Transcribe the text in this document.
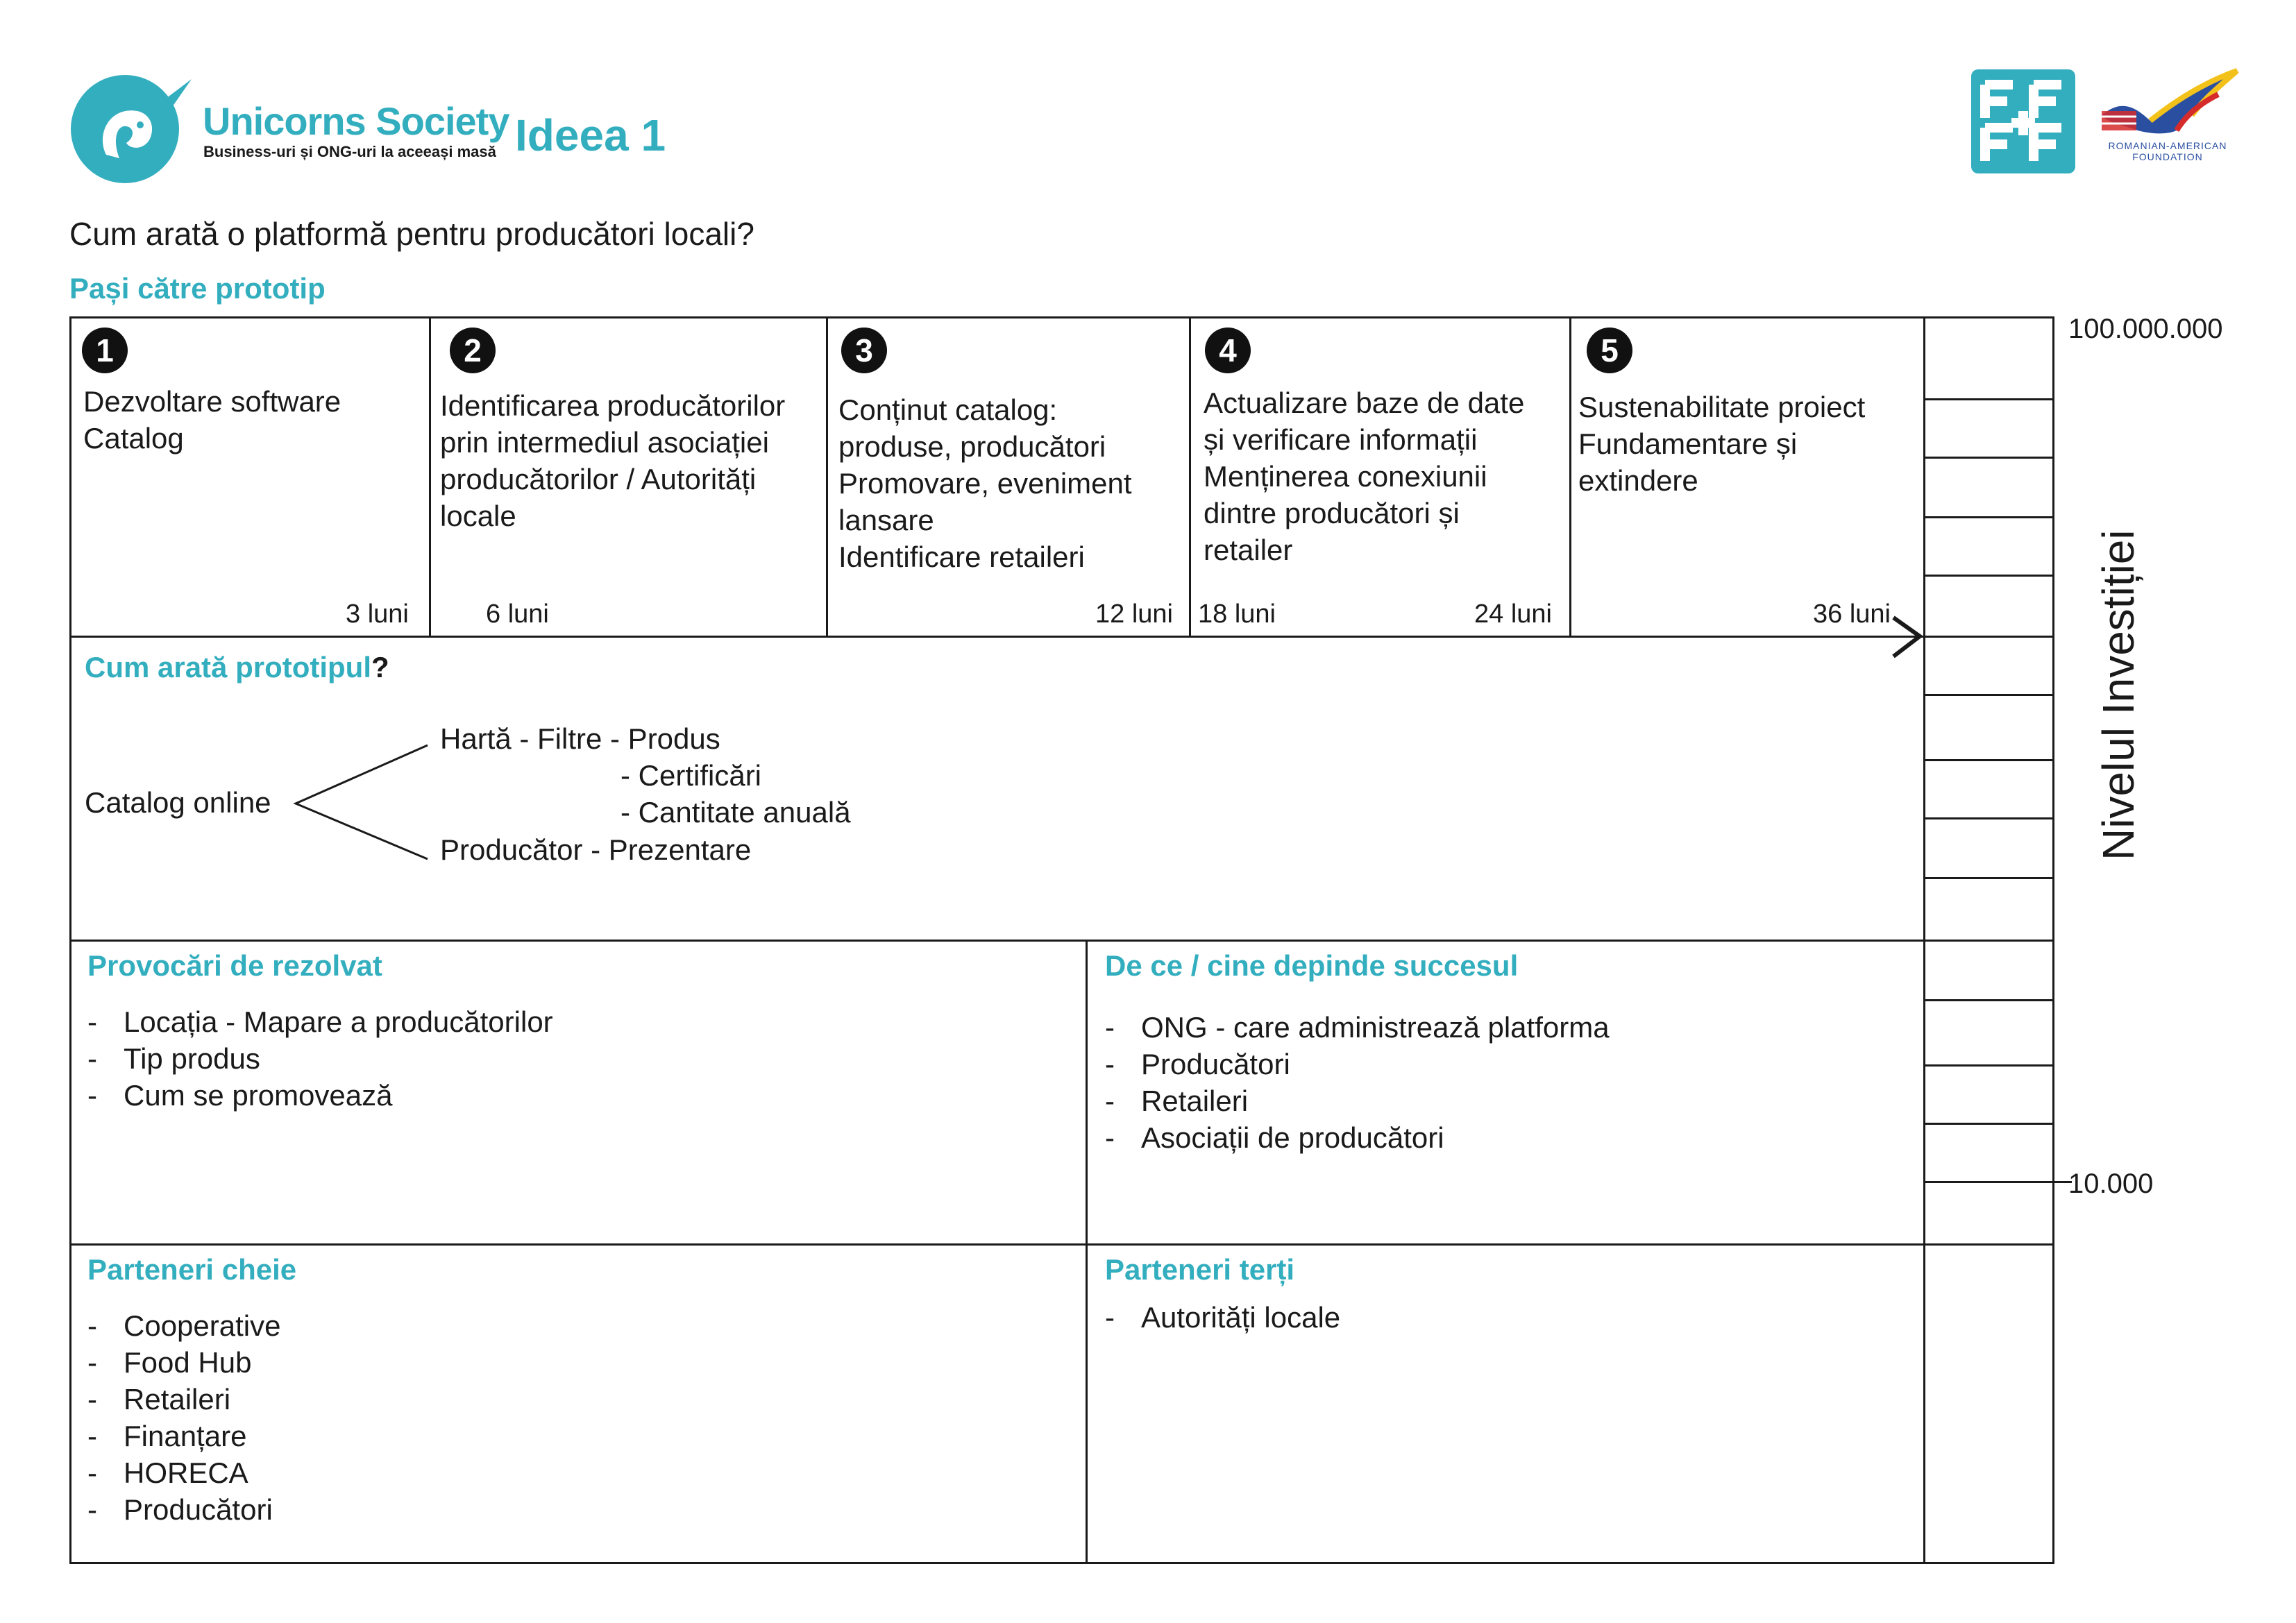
Unicorns Society
Business-uri și ONG-uri la aceeași masă Ideea 1	ROMANIAN-AMERICAN FOUNDATION
Cum arată o platformă pentru producători locali?
Pași către prototip
1
Dezvoltare software
Catalog
3 luni
2
Identificarea producătorilor
prin intermediul asociației
producătorilor / Autorități
locale
6 luni
3
Conținut catalog:
produse, producători
Promovare, eveniment
lansare
Identificare retaileri
12 luni
4
Actualizare baze de date
și verificare informații
Menținerea conexiunii
dintre producători și
retailer
18 luni	24 luni
5
Sustenabilitate proiect
Fundamentare și
extindere
36 luni
Cum arată prototipul?
Catalog online
Hartă - Filtre - Produs
- Certificări
- Cantitate anuală
Producător - Prezentare
Provocări de rezolvat
- Locația - Mapare a producătorilor
- Tip produs
- Cum se promovează
De ce / cine depinde succesul
- ONG - care administrează platforma
- Producători
- Retaileri
- Asociații de producători
Parteneri cheie
- Cooperative
- Food Hub
- Retaileri
- Finanțare
- HORECA
- Producători
Parteneri terți
- Autorități locale
100.000.000
10.000
Nivelul Investiției
